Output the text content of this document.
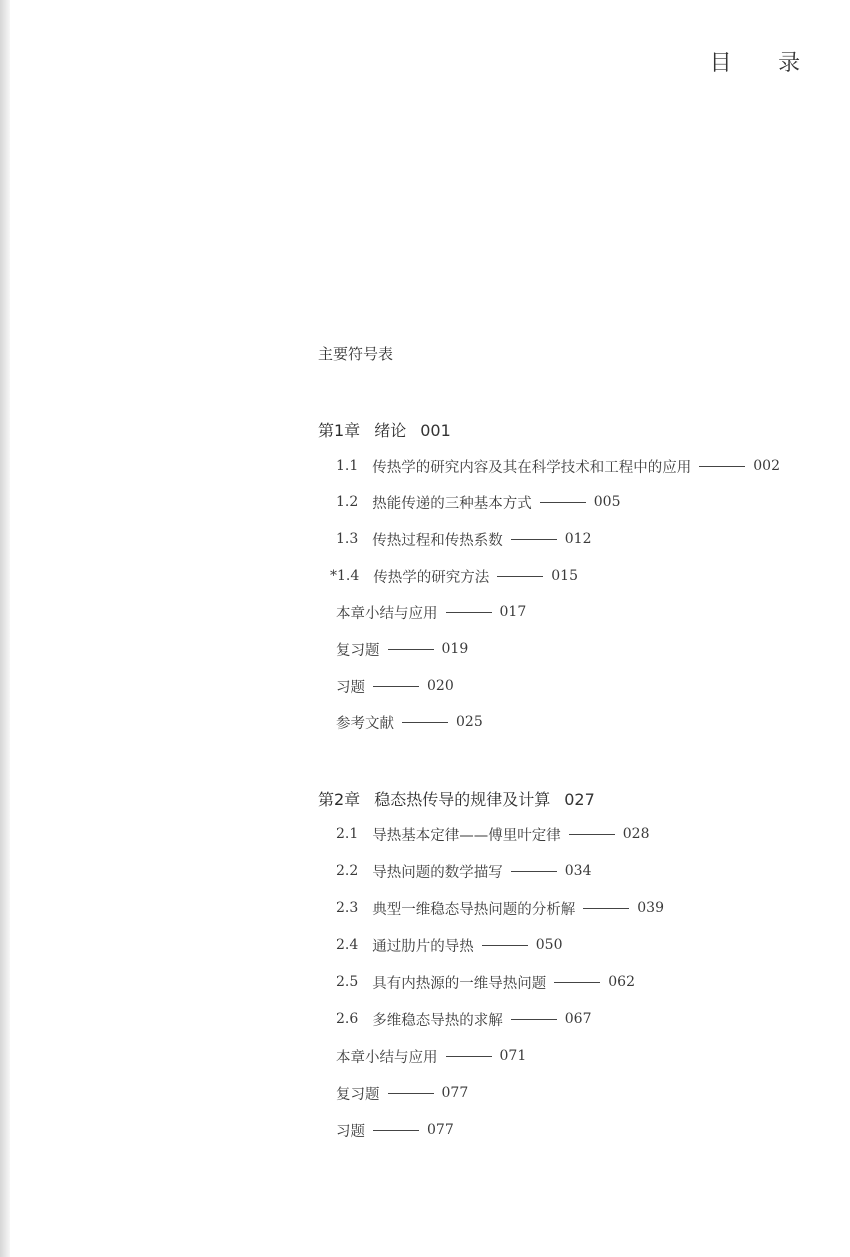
目 录
主要符号表
第1章 绪论 001
1.1 传热学的研究内容及其在科学技术和工程中的应用	002
1.2 热能传递的三种基本方式	005
1.3 传热过程和传热系数	012
*1.4 传热学的研究方法	015
本章小结与应用	017
复习题	019
习题	020
参考文献	025
第2章 稳态热传导的规律及计算 027
2.1 导热基本定律——傅里叶定律	028
2.2 导热问题的数学描写	034
2.3 典型一维稳态导热问题的分析解	039
2.4 通过肋片的导热	050
2.5 具有内热源的一维导热问题	062
2.6 多维稳态导热的求解	067
本章小结与应用	071
复习题	077
习题	077
